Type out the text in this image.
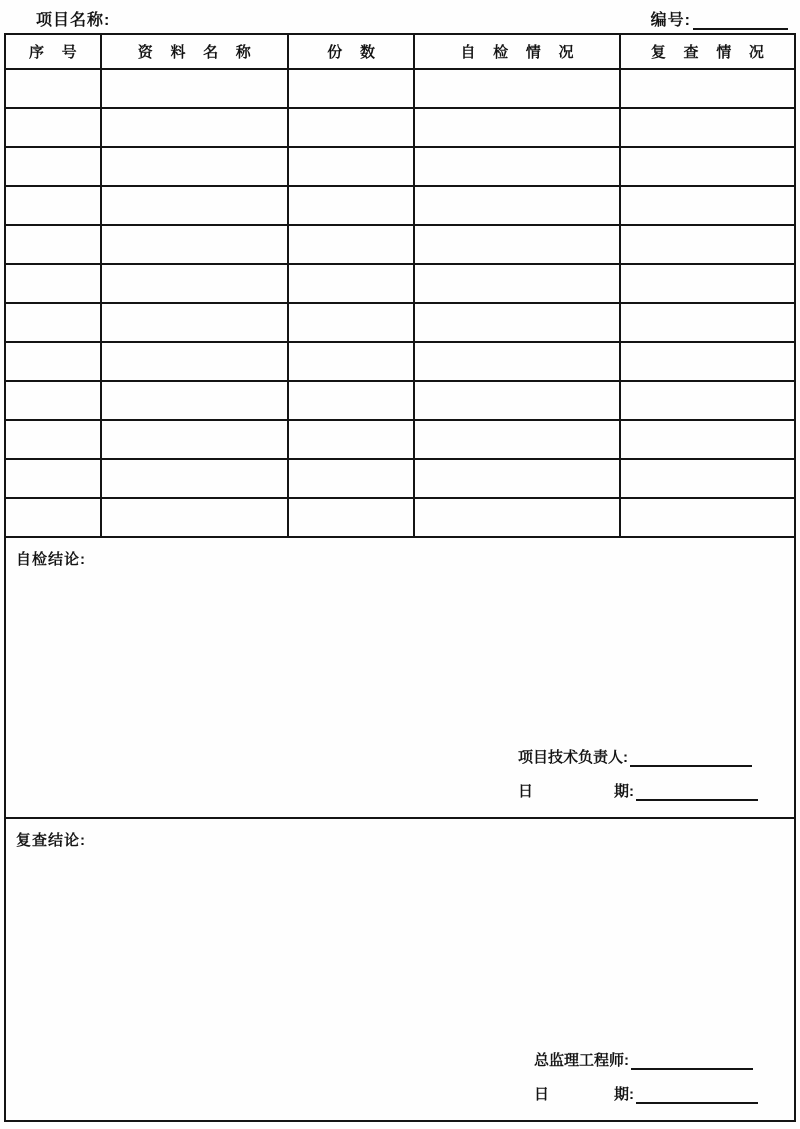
项目名称:	编号:
序 号	资 料 名 称	份 数	自 检 情 况	复 查 情 况

自检结论:
项目技术负责人:
日	期:
复查结论:
总监理工程师:
日	期:
